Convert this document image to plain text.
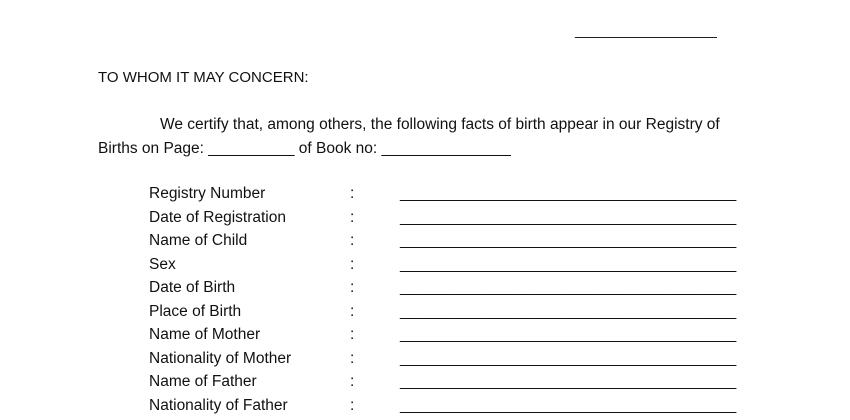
_________________
TO WHOM IT MAY CONCERN:
We certify that, among others, the following facts of birth appear in our Registry of
Births on Page: __________ of Book no: _______________
Registry Number	:	_______________________________________
Date of Registration	:	_______________________________________
Name of Child	:	_______________________________________
Sex	:	_______________________________________
Date of Birth	:	_______________________________________
Place of Birth	:	_______________________________________
Name of Mother	:	_______________________________________
Nationality of Mother	:	_______________________________________
Name of Father	:	_______________________________________
Nationality of Father	:	_______________________________________
